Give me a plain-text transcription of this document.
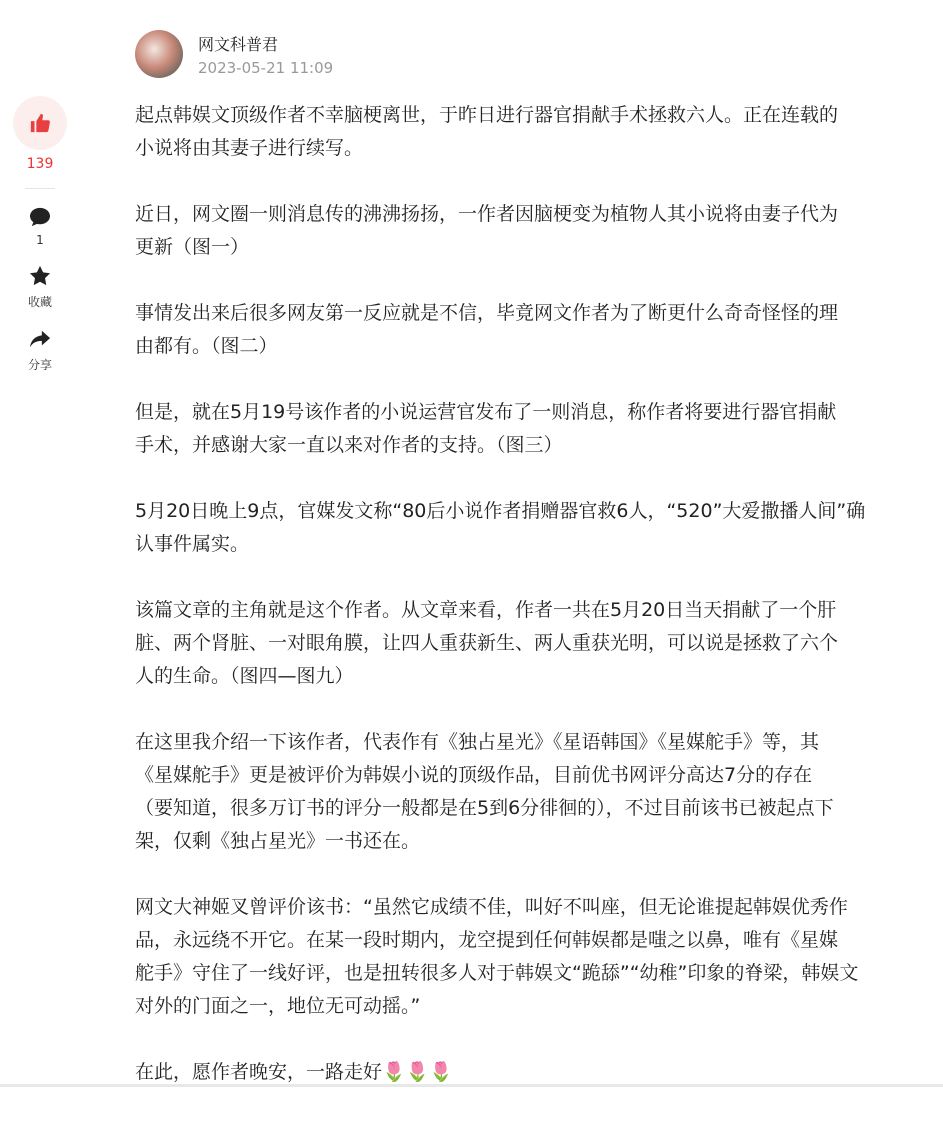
139
1
收藏
分享
网文科普君
2023-05-21 11:09
起点韩娱文顶级作者不幸脑梗离世，于昨日进行器官捐献手术拯救六人。正在连载的
小说将由其妻子进行续写。
近日，网文圈一则消息传的沸沸扬扬，一作者因脑梗变为植物人其小说将由妻子代为
更新（图一）
事情发出来后很多网友第一反应就是不信，毕竟网文作者为了断更什么奇奇怪怪的理
由都有。（图二）
但是，就在5月19号该作者的小说运营官发布了一则消息，称作者将要进行器官捐献
手术，并感谢大家一直以来对作者的支持。（图三）
5月20日晚上9点，官媒发文称“80后小说作者捐赠器官救6人，“520”大爱撒播人间”确
认事件属实。
该篇文章的主角就是这个作者。从文章来看，作者一共在5月20日当天捐献了一个肝
脏、两个肾脏、一对眼角膜，让四人重获新生、两人重获光明，可以说是拯救了六个
人的生命。（图四—图九）
在这里我介绍一下该作者，代表作有《独占星光》《星语韩国》《星媒舵手》等，其
《星媒舵手》更是被评价为韩娱小说的顶级作品，目前优书网评分高达7分的存在
（要知道，很多万订书的评分一般都是在5到6分徘徊的），不过目前该书已被起点下
架，仅剩《独占星光》一书还在。
网文大神姬叉曾评价该书：“虽然它成绩不佳，叫好不叫座，但无论谁提起韩娱优秀作
品，永远绕不开它。在某一段时期内，龙空提到任何韩娱都是嗤之以鼻，唯有《星媒
舵手》守住了一线好评，也是扭转很多人对于韩娱文“跪舔”“幼稚”印象的脊梁，韩娱文
对外的门面之一，地位无可动摇。”
在此，愿作者晚安，一路走好🌷🌷🌷
